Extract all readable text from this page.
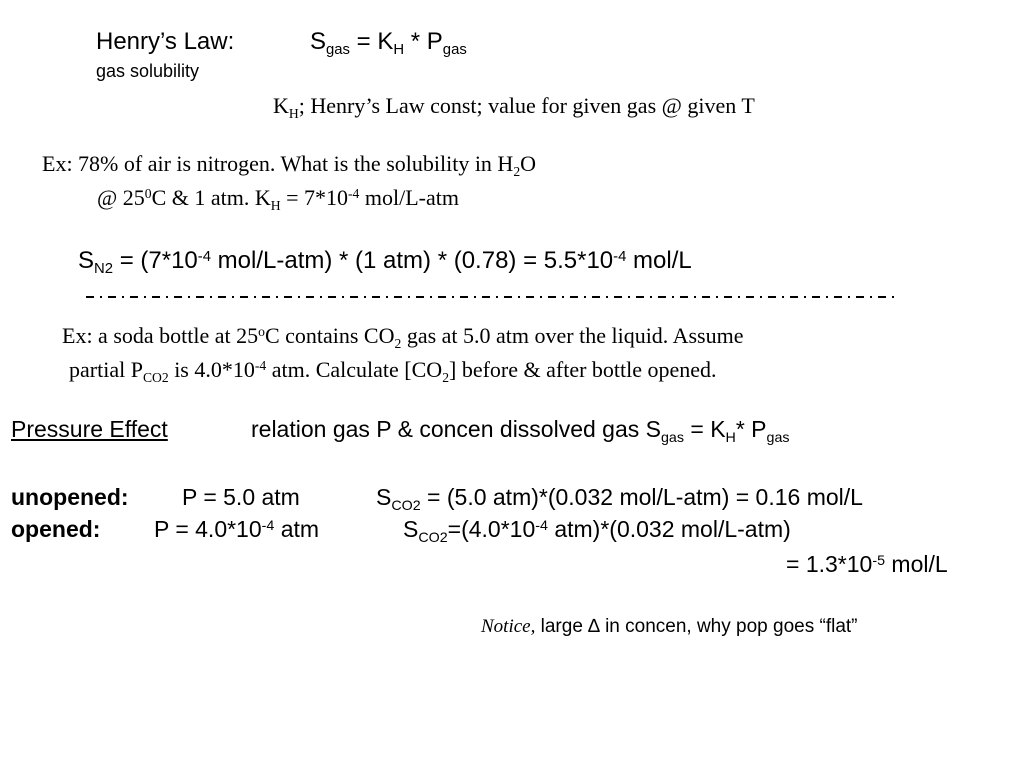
Henry’s Law:	$S_{gas} = K_H * P_{gas}$
gas solubility
$K_H$; Henry’s Law const; value for given gas @ given T
Ex: 78% of air is nitrogen. What is the solubility in $H_2O$
@ $25^0C$ & 1 atm. $K_H = 7*10^{-4}$ mol/L-atm
$S_{N2} = (7*10^{-4}$ mol/L-atm) * (1 $atm) * (0.78) = 5.5*10^{-4}$ mol/L
Ex: a soda bottle at 25$^o$C contains $CO_2$ gas at 5.0 atm over the liquid. Assume
partial $P_{CO2}$ is $4.0*10^{-4}$ atm. Calculate $[CO_2]$ before & after bottle opened.
Pressure Effect	relation gas P & concen dissolved gas $S_{gas} = K_H*$ $P_{gas}$
unopened: P = 5.0 atm	$S_{CO2} = (5.0$ atm)*(0.032 mol/L-atm) = 0.16 mol/L
opened: $P = 4.0*10^{-4}$ atm	$S_{CO2}=(4.0*10^{-4}$ atm)*(0.032 mol/L-atm)
= $1.3*10^{-5}$ mol/L
Notice, large ∆ in concen, why pop goes “flat”
